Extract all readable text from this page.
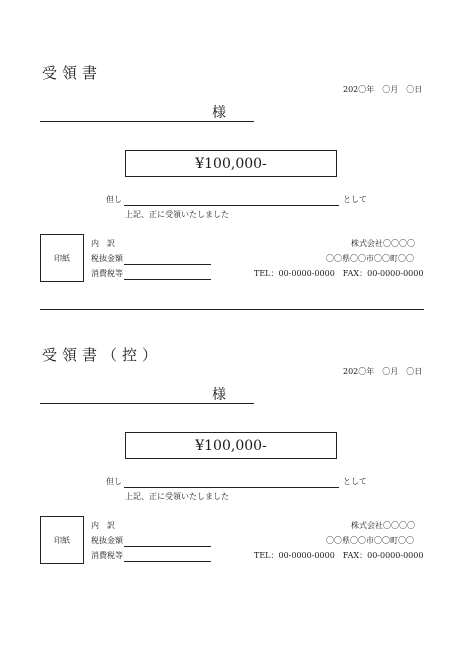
受領書
202〇年　〇月　〇日
様
¥100,000-
但し	として
上記、正に受領いたしました
印紙
内　訳
税抜金額
消費税等
株式会社〇〇〇〇
〇〇県〇〇市〇〇町〇〇
TEL：00-0000-0000　FAX：00-0000-0000
受領書（控）
202〇年　〇月　〇日
様
¥100,000-
但し	として
上記、正に受領いたしました
印紙
内　訳
税抜金額
消費税等
株式会社〇〇〇〇
〇〇県〇〇市〇〇町〇〇
TEL：00-0000-0000　FAX：00-0000-0000
